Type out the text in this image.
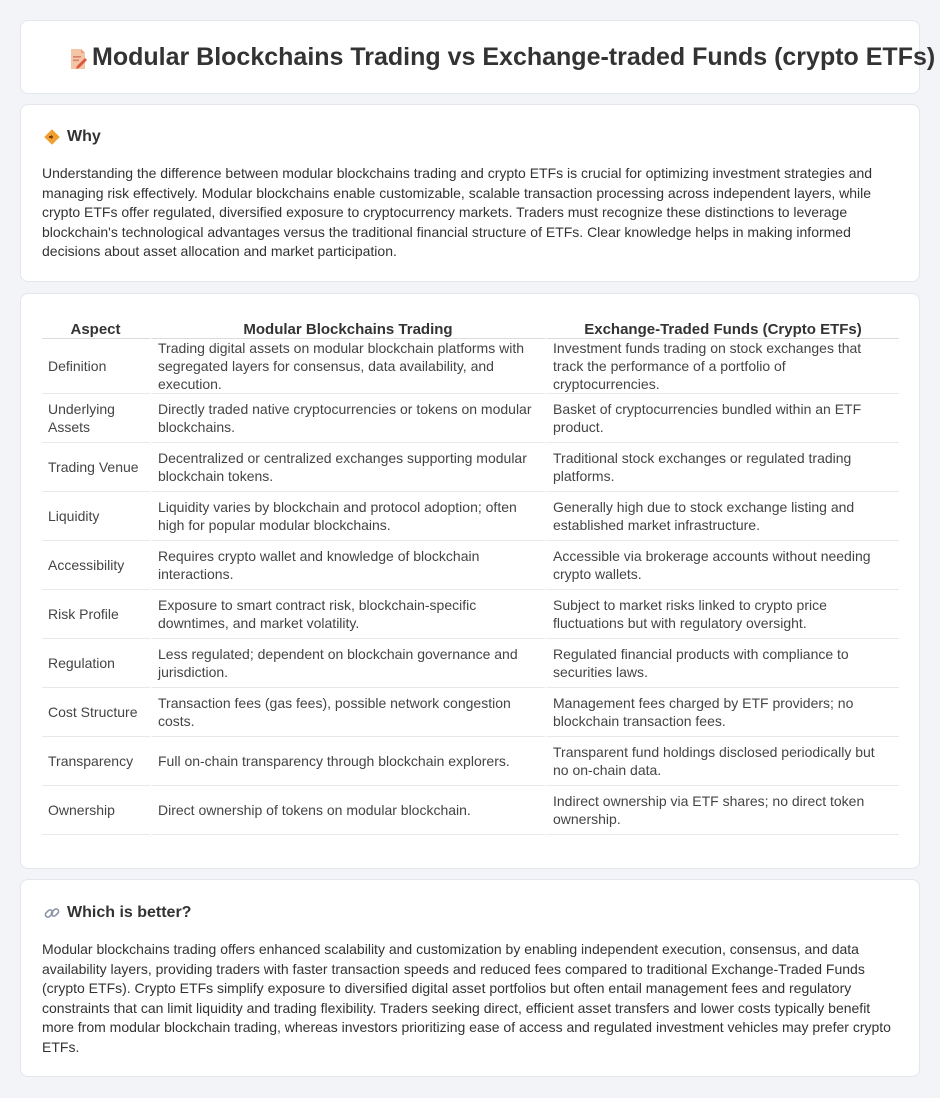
Modular Blockchains Trading vs Exchange-traded Funds (crypto ETFs)
Why

Understanding the difference between modular blockchains trading and crypto ETFs is crucial for optimizing investment strategies and managing risk effectively. Modular blockchains enable customizable, scalable transaction processing across independent layers, while crypto ETFs offer regulated, diversified exposure to cryptocurrency markets. Traders must recognize these distinctions to leverage blockchain's technological advantages versus the traditional financial structure of ETFs. Clear knowledge helps in making informed decisions about asset allocation and market participation.

Aspect	Modular Blockchains Trading	Exchange-Traded Funds (Crypto ETFs)
Definition	Trading digital assets on modular blockchain platforms with segregated layers for consensus, data availability, and execution.	Investment funds trading on stock exchanges that track the performance of a portfolio of cryptocurrencies.
Underlying Assets	Directly traded native cryptocurrencies or tokens on modular blockchains.	Basket of cryptocurrencies bundled within an ETF product.
Trading Venue	Decentralized or centralized exchanges supporting modular blockchain tokens.	Traditional stock exchanges or regulated trading platforms.
Liquidity	Liquidity varies by blockchain and protocol adoption; often high for popular modular blockchains.	Generally high due to stock exchange listing and established market infrastructure.
Accessibility	Requires crypto wallet and knowledge of blockchain interactions.	Accessible via brokerage accounts without needing crypto wallets.
Risk Profile	Exposure to smart contract risk, blockchain-specific downtimes, and market volatility.	Subject to market risks linked to crypto price fluctuations but with regulatory oversight.
Regulation	Less regulated; dependent on blockchain governance and jurisdiction.	Regulated financial products with compliance to securities laws.
Cost Structure	Transaction fees (gas fees), possible network congestion costs.	Management fees charged by ETF providers; no blockchain transaction fees.
Transparency	Full on-chain transparency through blockchain explorers.	Transparent fund holdings disclosed periodically but no on-chain data.
Ownership	Direct ownership of tokens on modular blockchain.	Indirect ownership via ETF shares; no direct token ownership.
Which is better?

Modular blockchains trading offers enhanced scalability and customization by enabling independent execution, consensus, and data availability layers, providing traders with faster transaction speeds and reduced fees compared to traditional Exchange-Traded Funds (crypto ETFs). Crypto ETFs simplify exposure to diversified digital asset portfolios but often entail management fees and regulatory constraints that can limit liquidity and trading flexibility. Traders seeking direct, efficient asset transfers and lower costs typically benefit more from modular blockchain trading, whereas investors prioritizing ease of access and regulated investment vehicles may prefer crypto ETFs.
